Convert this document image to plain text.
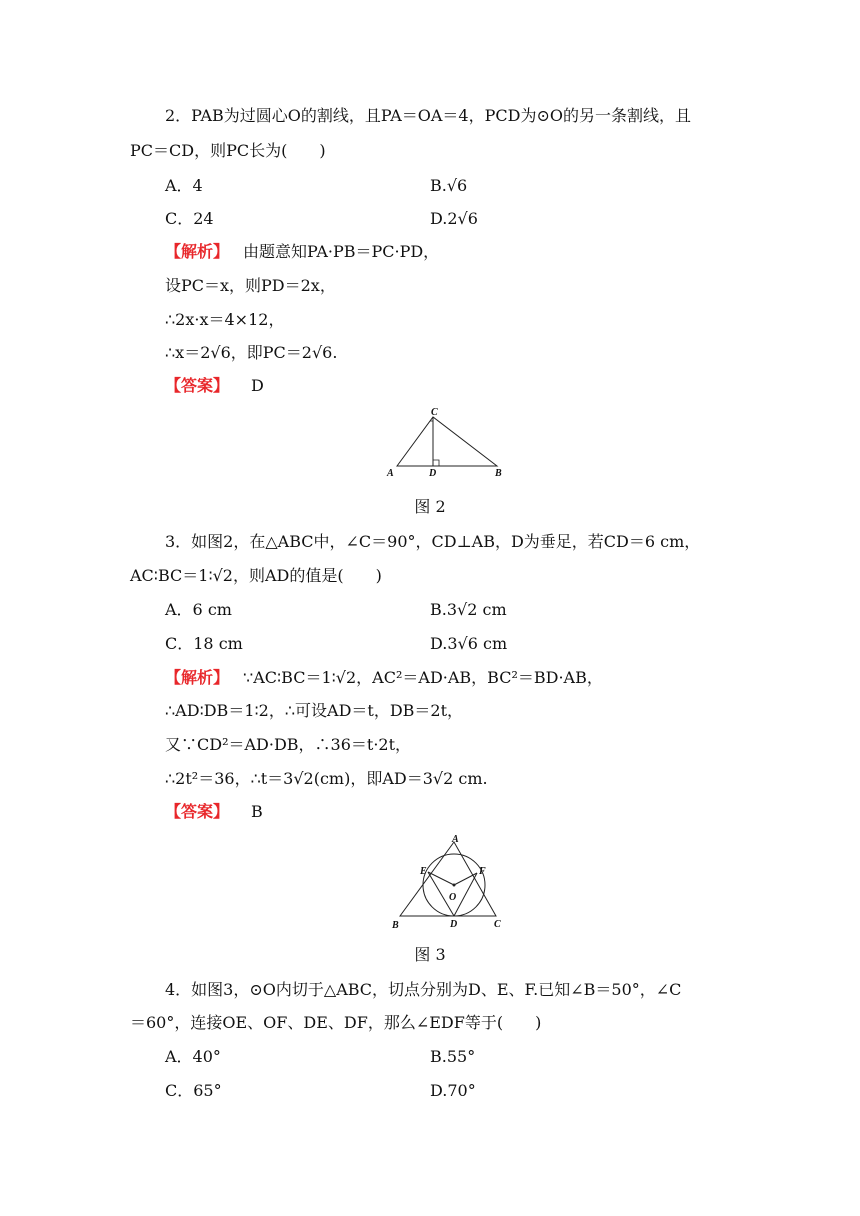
2．PAB为过圆心O的割线，且PA＝OA＝4，PCD为⊙O的另一条割线，且
PC＝CD，则PC长为(　　)
A．4	B.√6
C．24	D.2√6
【解析】 由题意知PA·PB＝PC·PD，
设PC＝x，则PD＝2x，
∴2x·x＝4×12，
∴x＝2√6，即PC＝2√6.
【答案】 D
A
C
D	B
图 2
3．如图2，在△ABC中，∠C＝90°，CD⊥AB，D为垂足，若CD＝6 cm，
AC∶BC＝1∶√2，则AD的值是(　　)
A．6 cm	B.3√2 cm
C．18 cm	D.3√6 cm
【解析】 ∵AC∶BC＝1∶√2，AC²＝AD·AB，BC²＝BD·AB，
∴AD∶DB＝1∶2，∴可设AD＝t，DB＝2t，
又∵CD²＝AD·DB，∴36＝t·2t，
∴2t²＝36，∴t＝3√2(cm)，即AD＝3√2 cm.
【答案】 B
A
E	F
O
B	D	C
图 3
4．如图3，⊙O内切于△ABC，切点分别为D、E、F.已知∠B＝50°，∠C
＝60°，连接OE、OF、DE、DF，那么∠EDF等于(　　)
A．40°	B.55°
C．65°	D.70°
